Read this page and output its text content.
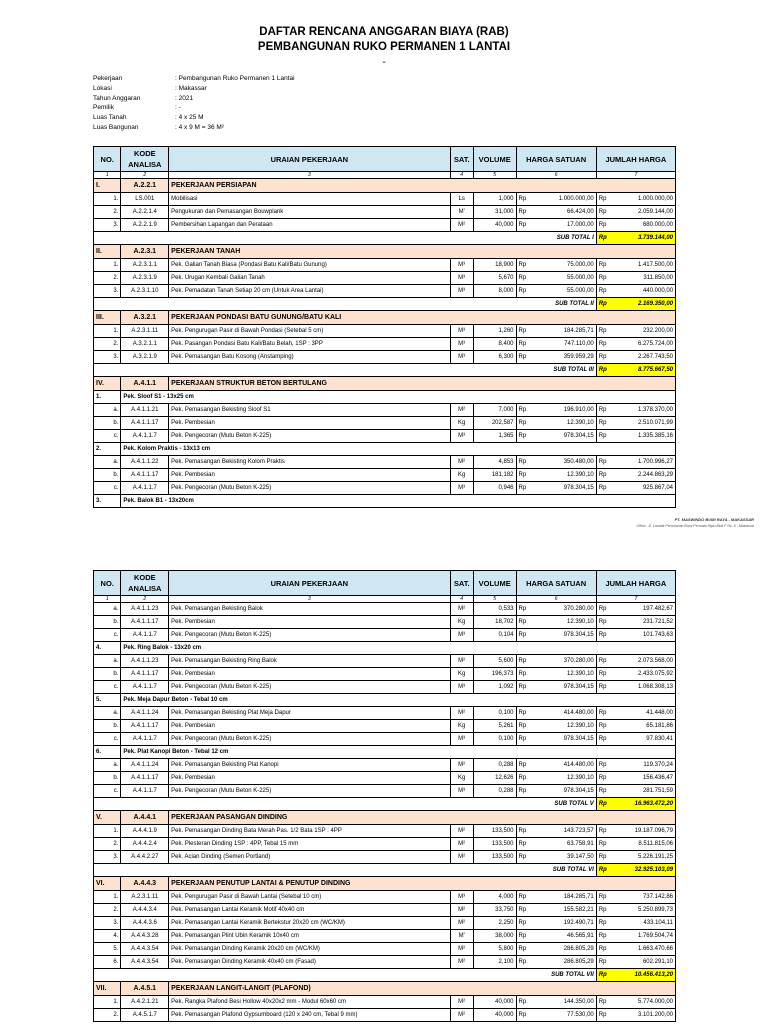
DAFTAR RENCANA ANGGARAN BIAYA (RAB)
PEMBANGUNAN RUKO PERMANEN 1 LANTAI
-
Pekerjaan	: Pembangunan Ruko Permanen 1 Lantai
Lokasi	: Makassar
Tahun Anggaran	: 2021
Pemilik	: -
Luas Tanah	: 4 x 25 M
Luas Bangunan	: 4 x 9 M = 36 M²
NO.	KODE ANALISA	URAIAN PEKERJAAN	SAT.	VOLUME	HARGA SATUAN	JUMLAH HARGA
1	2	3	4	5	6	7
I.	A.2.2.1	PEKERJAAN PERSIAPAN				
1.	LS.001	Mobilisasi	Ls	1,000	Rp 1.000.000,00	Rp 1.000.000,00

2.	A.2.2.1.4	Pengukuran dan Pemasangan Bouwplank	M'	31,000	Rp 66.424,00	Rp 2.059.144,00

3.	A.2.2.1.9	Pembersihan Lapangan dan Perataan	M²	40,000	Rp 17.000,00	Rp 680.000,00

SUB TOTAL I						Rp 3.739.144,00

II.	A.2.3.1	PEKERJAAN TANAH				
1.	A.2.3.1.1	Pek. Galian Tanah Biasa (Pondasi Batu Kali/Batu Gunung)	M³	18,900	Rp 75.000,00	Rp 1.417.500,00

2.	A.2.3.1.9	Pek. Urugan Kembali Galian Tanah	M³	5,670	Rp 55.000,00	Rp 311.850,00

3.	A.2.3.1.10	Pek. Pemadatan Tanah Setiap 20 cm (Untuk Area Lantai)	M³	8,000	Rp 55.000,00	Rp 440.000,00

SUB TOTAL II						Rp 2.169.350,00

III.	A.3.2.1	PEKERJAAN PONDASI BATU GUNUNG/BATU KALI				
1.	A.2.3.1.11	Pek. Pengurugan Pasir di Bawah Pondasi (Setebal 5 cm)	M³	1,260	Rp 184.285,71	Rp 232.200,00

2.	A.3.2.1.1	Pek. Pasangan Pondasi Batu Kali/Batu Belah, 1SP : 3PP	M³	8,400	Rp 747.110,00	Rp 6.275.724,00

3.	A.3.2.1.9	Pek. Pemasangan Batu Kosong (Anstamping)	M³	6,300	Rp 359.959,29	Rp 2.267.743,50

SUB TOTAL III						Rp 8.775.667,50

IV.	A.4.1.1	PEKERJAAN STRUKTUR BETON BERTULANG				
1.	Pek. Sloof S1 - 13x25 cm					
a.	A.4.1.1.21	Pek. Pemasangan Bekisting Sloof S1	M²	7,000	Rp 196.910,00	Rp 1.378.370,00

b.	A.4.1.1.17	Pek. Pembesian	Kg	202,587	Rp 12.390,10	Rp 2.510.071,99

c.	A.4.1.1.7	Pek. Pengecoran (Mutu Beton K-225)	M³	1,365	Rp 978.304,15	Rp 1.335.385,16

2.	Pek. Kolom Praktis - 13x13 cm					
a.	A.4.1.1.22	Pek. Pemasangan Bekisting Kolom Praktis	M²	4,853	Rp 350.480,00	Rp 1.700.996,27

b.	A.4.1.1.17	Pek. Pembesian	Kg	181,182	Rp 12.390,10	Rp 2.244.863,29

c.	A.4.1.1.7	Pek. Pengecoran (Mutu Beton K-225)	M³	0,946	Rp 978.304,15	Rp 925.867,04

3.	Pek. Balok B1 - 13x20cm					
PT. MASWINDO BUMI RAYA - MAKASSAR
Office : Jl. Landak Perumahan Bumi Permata Hijau Blok F No. 6 - Makassar
NO.	KODE ANALISA	URAIAN PEKERJAAN	SAT.	VOLUME	HARGA SATUAN	JUMLAH HARGA
1	2	3	4	5	6	7
a.	A.4.1.1.23	Pek. Pemasangan Bekisting Balok	M²	0,533	Rp 370.280,00	Rp 197.482,67

b.	A.4.1.1.17	Pek. Pembesian	Kg	18,702	Rp 12.390,10	Rp 231.721,52

c.	A.4.1.1.7	Pek. Pengecoran (Mutu Beton K-225)	M³	0,104	Rp 978.304,15	Rp 101.743,63

4.	Pek. Ring Balok - 13x20 cm					
a.	A.4.1.1.23	Pek. Pemasangan Bekisting Ring Balok	M²	5,600	Rp 370.280,00	Rp 2.073.568,00

b.	A.4.1.1.17	Pek. Pembesian	Kg	196,373	Rp 12.390,10	Rp 2.433.075,92

c.	A.4.1.1.7	Pek. Pengecoran (Mutu Beton K-225)	M³	1,092	Rp 978.304,15	Rp 1.068.308,13

5.	Pek. Meja Dapur Beton - Tebal 10 cm					
a.	A.4.1.1.24	Pek. Pemasangan Bekisting Plat Meja Dapur	M²	0,100	Rp 414.480,00	Rp 41.448,00

b.	A.4.1.1.17	Pek. Pembesian	Kg	5,261	Rp 12.390,10	Rp 65.181,86

c.	A.4.1.1.7	Pek. Pengecoran (Mutu Beton K-225)	M³	0,100	Rp 978.304,15	Rp 97.830,41

6.	Pek. Plat Kanopi Beton - Tebal 12 cm					
a.	A.4.1.1.24	Pek. Pemasangan Bekisting Plat Kanopi	M²	0,288	Rp 414.480,00	Rp 119.370,24

b.	A.4.1.1.17	Pek. Pembesian	Kg	12,626	Rp 12.390,10	Rp 156.436,47

c.	A.4.1.1.7	Pek. Pengecoran (Mutu Beton K-225)	M³	0,288	Rp 978.304,15	Rp 281.751,59

SUB TOTAL V						Rp 16.963.472,20

V.	A.4.4.1	PEKERJAAN PASANGAN DINDING				
1.	A.4.4.1.9	Pek. Pemasangan Dinding Bata Merah Pas. 1/2 Bata 1SP : 4PP	M²	133,500	Rp 143.723,57	Rp 19.187.096,79

2.	A.4.4.2.4	Pek. Plesteran Dinding 1SP : 4PP, Tebal 15 mm	M²	133,500	Rp 63.758,91	Rp 8.511.815,06

3.	A.4.4.2.27	Pek. Acian Dinding (Semen Portland)	M²	133,500	Rp 39.147,50	Rp 5.226.191,25

SUB TOTAL VI						Rp 32.925.103,09

VI.	A.4.4.3	PEKERJAAN PENUTUP LANTAI & PENUTUP DINDING				
1.	A.2.3.1.11	Pek. Pengurugan Pasir di Bawah Lantai (Setebal 10 cm)	M³	4,000	Rp 184.285,71	Rp 737.142,86

2.	A.4.4.3.4	Pek. Pemasangan Lantai Keramik Motif 40x40 cm	M²	33,750	Rp 155.582,21	Rp 5.250.899,73

3.	A.4.4.3.6	Pek. Pemasangan Lantai Keramik Bertekstur 20x20 cm (WC/KM)	M²	2,250	Rp 192.490,71	Rp 433.104,11

4.	A.4.4.3.28	Pek. Pemasangan Plint Ubin Keramik 10x40 cm	M'	38,000	Rp 46.565,91	Rp 1.769.504,74

5.	A.4.4.3.54	Pek. Pemasangan Dinding Keramik 20x20 cm (WC/KM)	M²	5,800	Rp 286.805,29	Rp 1.663.470,66

6.	A.4.4.3.54	Pek. Pemasangan Dinding Keramik 40x40 cm (Fasad)	M²	2,100	Rp 286.805,29	Rp 602.291,10

SUB TOTAL VII						Rp 10.456.413,20

VII.	A.4.5.1	PEKERJAAN LANGIT-LANGIT (PLAFOND)				
1.	A.4.2.1.21	Pek. Rangka Plafond Besi Hollow 40x20x2 mm - Modul 60x60 cm	M²	40,000	Rp 144.350,00	Rp 5.774.000,00

2.	A.4.5.1.7	Pek. Pemasangan Plafond Gypsumboard (120 x 240 cm, Tebal 9 mm)	M²	40,000	Rp 77.530,00	Rp 3.101.200,00
